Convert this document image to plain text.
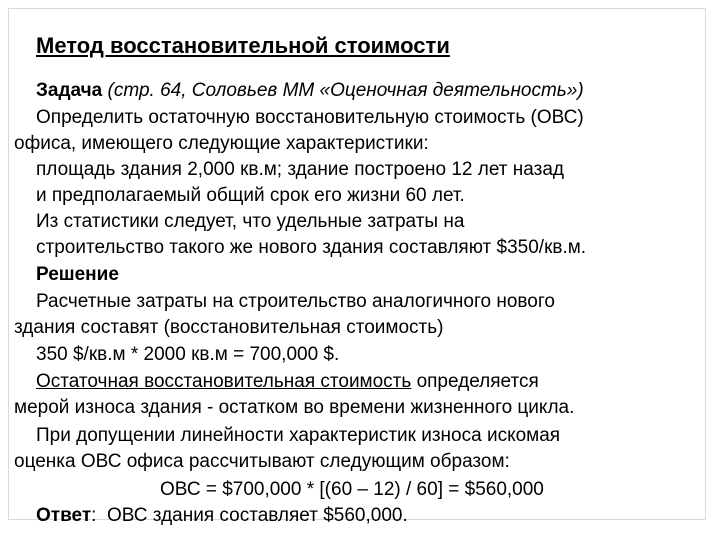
Метод восстановительной стоимости
Задача (стр. 64, Соловьев ММ «Оценочная деятельность»)
Определить остаточную восстановительную стоимость (ОВС)
офиса, имеющего следующие характеристики:
площадь здания 2,000 кв.м; здание построено 12 лет назад
и предполагаемый общий срок его жизни 60 лет.
Из статистики следует, что удельные затраты на
строительство такого же нового здания составляют $350/кв.м.
Решение
Расчетные затраты на строительство аналогичного нового
здания составят (восстановительная стоимость)
350 $/кв.м * 2000 кв.м = 700,000 $.
Остаточная восстановительная стоимость определяется
мерой износа здания - остатком во времени жизненного цикла.
При допущении линейности характеристик износа искомая
оценка ОВС офиса рассчитывают следующим образом:
ОВС = $700,000 * [(60 – 12) / 60] = $560,000
Ответ:  ОВС здания составляет $560,000.
